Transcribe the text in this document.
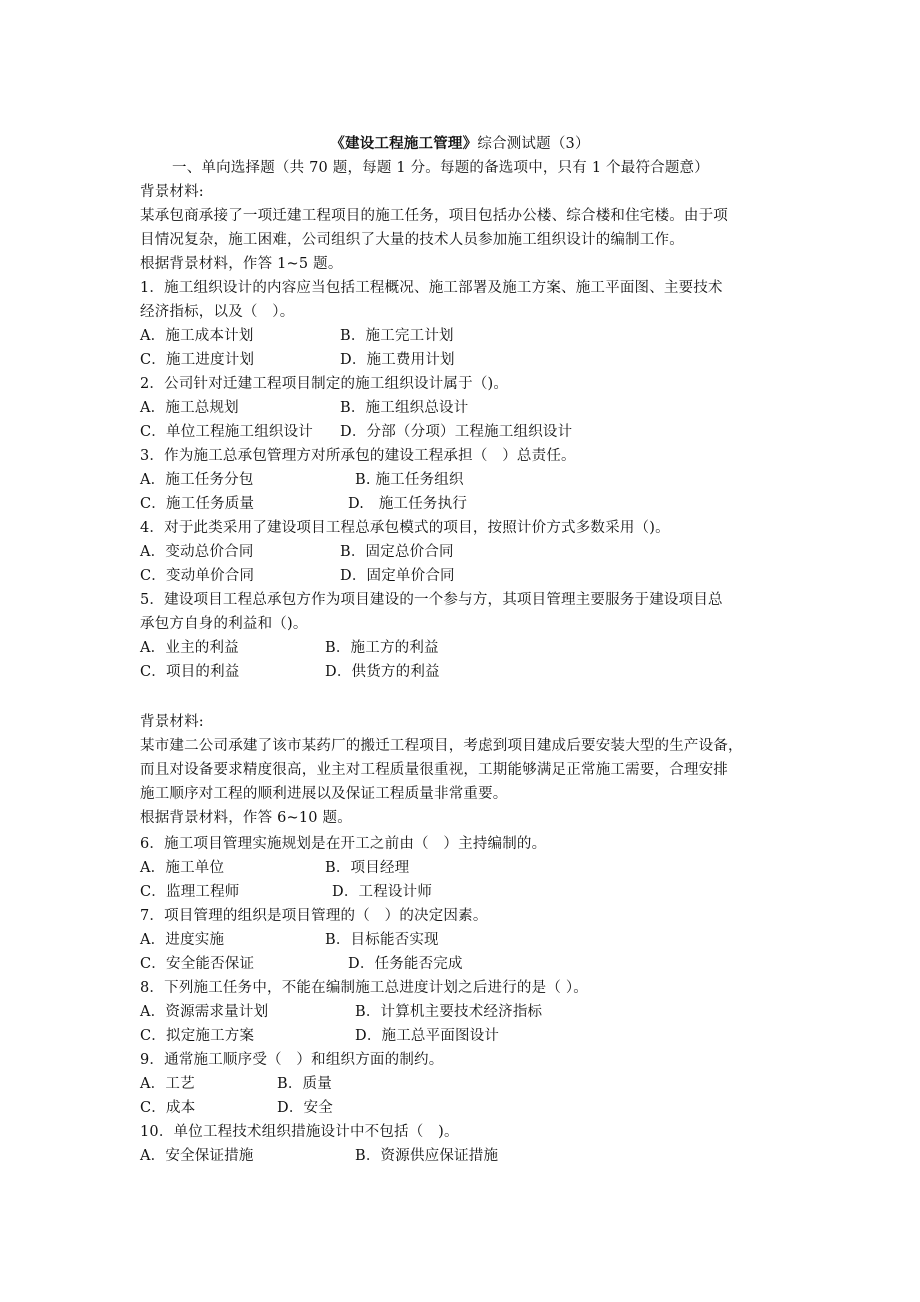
《建设工程施工管理》综合测试题（3）
一、单向选择题（共 70 题，每题 1 分。每题的备选项中，只有 1 个最符合题意）
背景材料:
某承包商承接了一项迁建工程项目的施工任务，项目包括办公楼、综合楼和住宅楼。由于项
目情况复杂，施工困难，公司组织了大量的技术人员参加施工组织设计的编制工作。
根据背景材料，作答 1~5 题。
1．施工组织设计的内容应当包括工程概况、施工部署及施工方案、施工平面图、主要技术
经济指标，以及（　）。
A．施工成本计划	B．施工完工计划
C．施工进度计划	D．施工费用计划
2．公司针对迁建工程项目制定的施工组织设计属于（)。
A．施工总规划	B．施工组织总设计
C．单位工程施工组织设计 D．分部（分项）工程施工组织设计
3．作为施工总承包管理方对所承包的建设工程承担（　）总责任。
A．施工任务分包	B. 施工任务组织
C．施工任务质量	D.　施工任务执行
4．对于此类采用了建设项目工程总承包模式的项目，按照计价方式多数采用（)。
A．变动总价合同	B．固定总价合同
C．变动单价合同	D．固定单价合同
5．建设项目工程总承包方作为项目建设的一个参与方，其项目管理主要服务于建设项目总
承包方自身的利益和（)。
A．业主的利益	B．施工方的利益
C．项目的利益	D．供货方的利益
背景材料:
某市建二公司承建了该市某药厂的搬迁工程项目，考虑到项目建成后要安装大型的生产设备，
而且对设备要求精度很高，业主对工程质量很重视，工期能够满足正常施工需要，合理安排
施工顺序对工程的顺利进展以及保证工程质量非常重要。
根据背景材料，作答 6~10 题。
6．施工项目管理实施规划是在开工之前由（　）主持编制的。
A．施工单位	B．项目经理
C．监理工程师	D．工程设计师
7．项目管理的组织是项目管理的（　）的决定因素。
A．进度实施	B．目标能否实现
C．安全能否保证	D．任务能否完成
8．下列施工任务中，不能在编制施工总进度计划之后进行的是（ ）。
A．资源需求量计划	B．计算机主要技术经济指标
C．拟定施工方案	D．施工总平面图设计
9．通常施工顺序受（　）和组织方面的制约。
A．工艺	B．质量
C．成本	D．安全
10．单位工程技术组织措施设计中不包括（　)。
A．安全保证措施	B．资源供应保证措施
